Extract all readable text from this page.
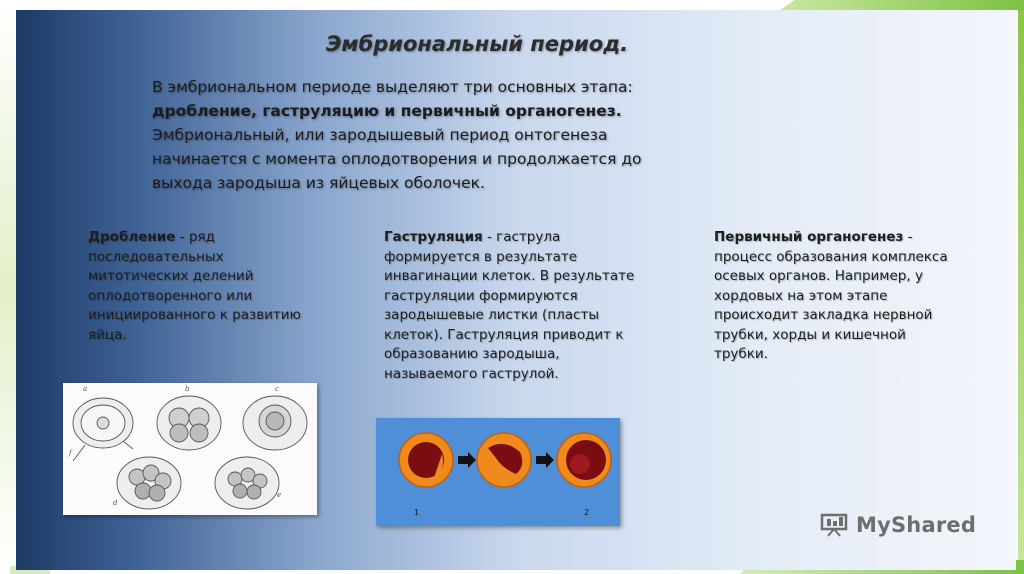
Эмбриональный период.

В эмбриональном периоде выделяют три основных этапа:

дробление, гаструляцию и первичный органогенез.

Эмбриональный, или зародышевый период онтогенеза

начинается с момента оплодотворения и продолжается до

выхода зародыша из яйцевых оболочек.

Дробление - ряд последовательных митотических делений оплодотворенного или инициированного к развитию яйца.
Гаструляция - гаструла формируется в результате инвагинации клеток. В результате гаструляции формируются зародышевые листки (пласты клеток). Гаструляция приводит к образованию зародыша, называемого гаструлой.
Первичный органогенез - процесс образования комплекса осевых органов. Например, у хордовых на этом этапе происходит закладка нервной трубки, хорды и кишечной трубки.
a	b	c
d
e
f
1	2
MyShared
